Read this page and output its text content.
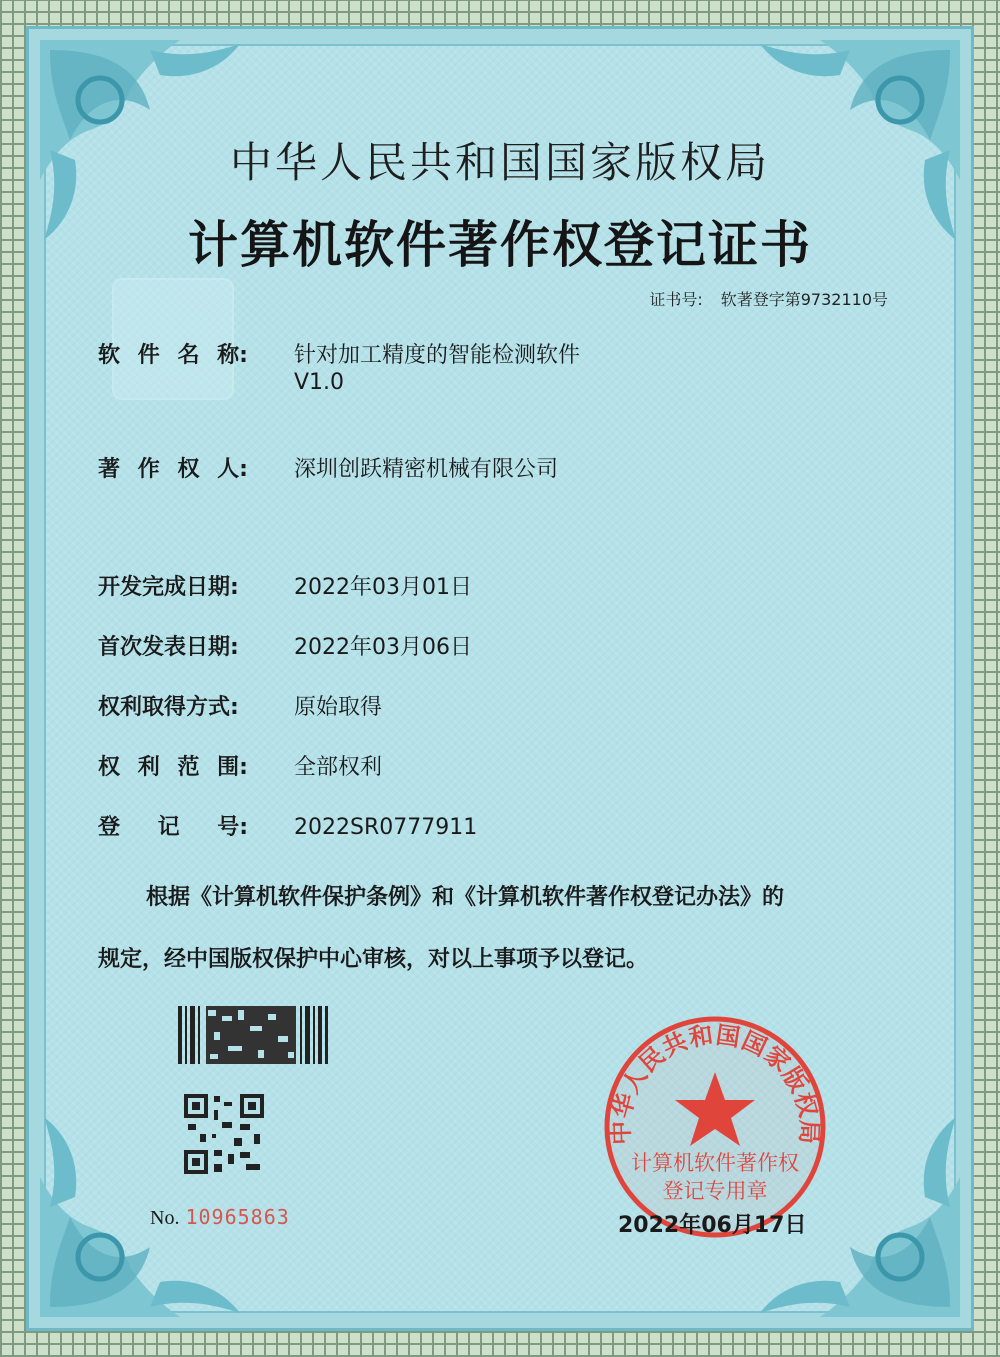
中华人民共和国国家版权局
计算机软件著作权登记证书
证书号: 软著登字第9732110号
软 件 名 称: 针对加工精度的智能检测软件
V1.0
著 作 权 人: 深圳创跃精密机械有限公司
开发完成日期:	2022年03月01日
首次发表日期:	2022年03月06日
权利取得方式:	原始取得
权 利 范 围: 全部权利
登 记 号: 2022SR0777911
根据《计算机软件保护条例》和《计算机软件著作权登记办法》的
规定，经中国版权保护中心审核，对以上事项予以登记。
No. 10965863
中华人民共和国国家版权局
计算机软件著作权
登记专用章
2022年06月17日
